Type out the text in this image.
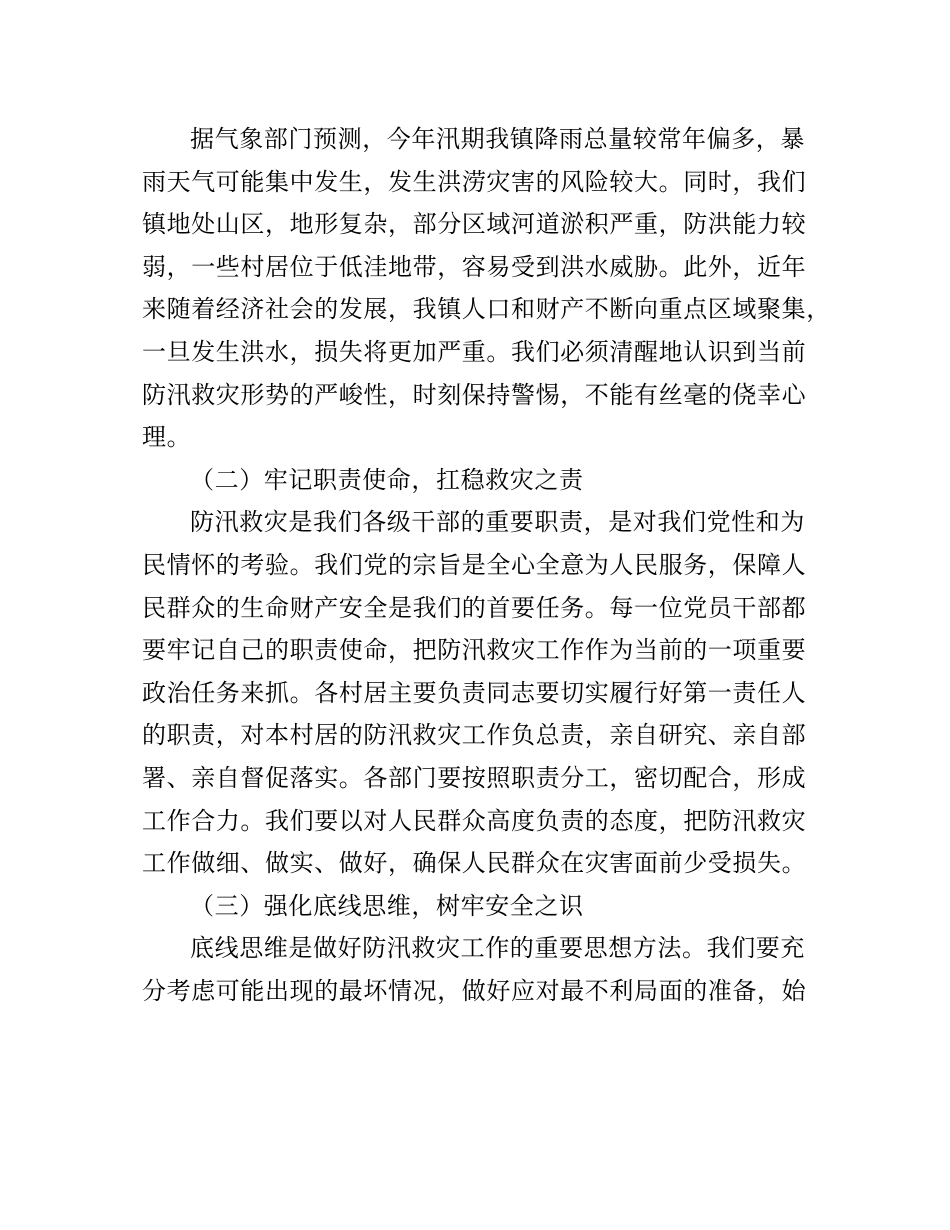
据气象部门预测，今年汛期我镇降雨总量较常年偏多，暴

雨天气可能集中发生，发生洪涝灾害的风险较大。同时，我们

镇地处山区，地形复杂，部分区域河道淤积严重，防洪能力较

弱，一些村居位于低洼地带，容易受到洪水威胁。此外，近年

来随着经济社会的发展，我镇人口和财产不断向重点区域聚集，

一旦发生洪水，损失将更加严重。我们必须清醒地认识到当前

防汛救灾形势的严峻性，时刻保持警惕，不能有丝毫的侥幸心

理。

（二）牢记职责使命，扛稳救灾之责

防汛救灾是我们各级干部的重要职责，是对我们党性和为

民情怀的考验。我们党的宗旨是全心全意为人民服务，保障人

民群众的生命财产安全是我们的首要任务。每一位党员干部都

要牢记自己的职责使命，把防汛救灾工作作为当前的一项重要

政治任务来抓。各村居主要负责同志要切实履行好第一责任人

的职责，对本村居的防汛救灾工作负总责，亲自研究、亲自部

署、亲自督促落实。各部门要按照职责分工，密切配合，形成

工作合力。我们要以对人民群众高度负责的态度，把防汛救灾

工作做细、做实、做好，确保人民群众在灾害面前少受损失。

（三）强化底线思维，树牢安全之识

底线思维是做好防汛救灾工作的重要思想方法。我们要充

分考虑可能出现的最坏情况，做好应对最不利局面的准备，始
